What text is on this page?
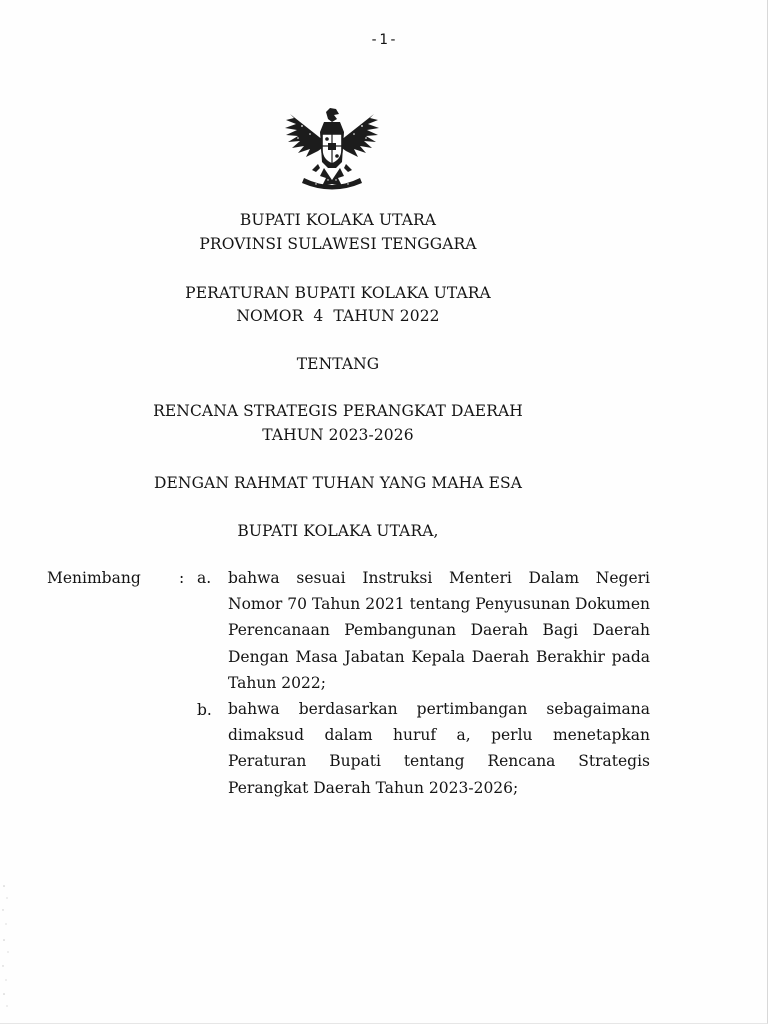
-1-
BUPATI KOLAKA UTARA
PROVINSI SULAWESI TENGGARA
PERATURAN BUPATI KOLAKA UTARA
NOMOR  4  TAHUN 2022
TENTANG
RENCANA STRATEGIS PERANGKAT DAERAH
TAHUN 2023-2026
DENGAN RAHMAT TUHAN YANG MAHA ESA
BUPATI KOLAKA UTARA,
Menimbang : a. bahwa sesuai Instruksi Menteri Dalam Negeri Nomor 70 Tahun 2021 tentang Penyusunan Dokumen Perencanaan Pembangunan Daerah Bagi Daerah Dengan Masa Jabatan Kepala Daerah Berakhir pada Tahun 2022;
b. bahwa berdasarkan pertimbangan sebagaimana dimaksud dalam huruf a, perlu menetapkan Peraturan Bupati tentang Rencana Strategis Perangkat Daerah Tahun 2023-2026;
